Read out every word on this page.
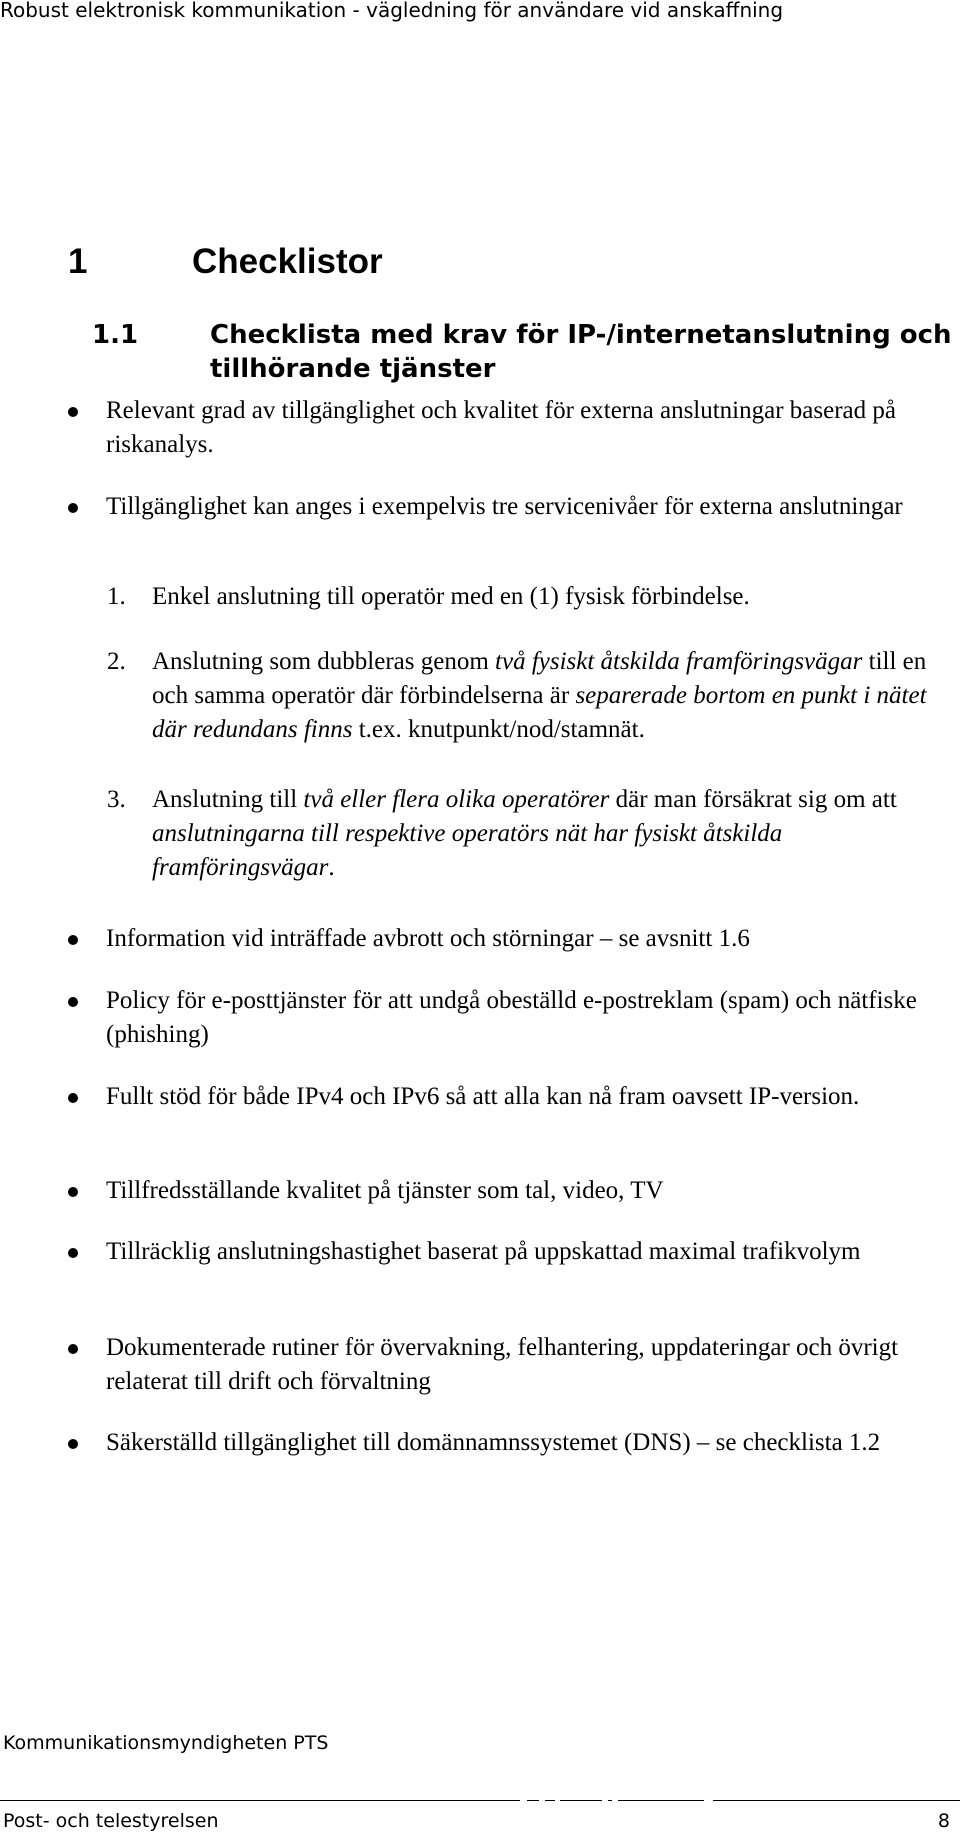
Robust elektronisk kommunikation - vägledning för användare vid anskaffning
1	Checklistor
1.1	Checklista med krav för IP-/internetanslutning och tillhörande tjänster
Relevant grad av tillgänglighet och kvalitet för externa anslutningar baserad på riskanalys.
Tillgänglighet kan anges i exempelvis tre servicenivåer för externa anslutningar
1. Enkel anslutning till operatör med en (1) fysisk förbindelse.
2. Anslutning som dubbleras genom två fysiskt åtskilda framföringsvägar till en och samma operatör där förbindelserna är separerade bortom en punkt i nätet där redundans finns t.ex. knutpunkt/nod/stamnät.
3. Anslutning till två eller flera olika operatörer där man försäkrat sig om att anslutningarna till respektive operatörs nät har fysiskt åtskilda framföringsvägar.
Information vid inträffade avbrott och störningar – se avsnitt 1.6
Policy för e-posttjänster för att undgå obeställd e-postreklam (spam) och nätfiske (phishing)
Fullt stöd för både IPv4 och IPv6 så att alla kan nå fram oavsett IP-version.
Tillfredsställande kvalitet på tjänster som tal, video, TV
Tillräcklig anslutningshastighet baserat på uppskattad maximal trafikvolym
Dokumenterade rutiner för övervakning, felhantering, uppdateringar och övrigt relaterat till drift och förvaltning
Säkerställd tillgänglighet till domännamnssystemet (DNS) – se checklista 1.2
Kommunikationsmyndigheten PTS
Post- och telestyrelsen	8
